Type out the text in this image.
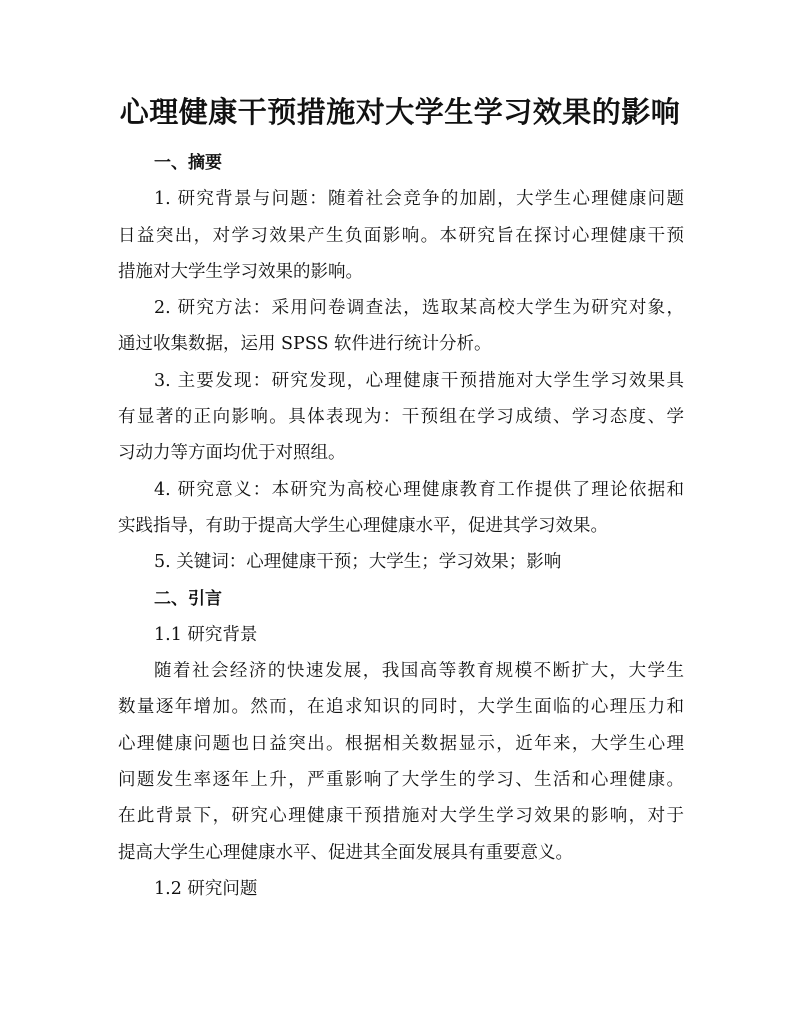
心理健康干预措施对大学生学习效果的影响
一、摘要
1. 研究背景与问题：随着社会竞争的加剧，大学生心理健康问题
日益突出，对学习效果产生负面影响。本研究旨在探讨心理健康干预
措施对大学生学习效果的影响。
2. 研究方法：采用问卷调查法，选取某高校大学生为研究对象，
通过收集数据，运用 SPSS 软件进行统计分析。
3. 主要发现：研究发现，心理健康干预措施对大学生学习效果具
有显著的正向影响。具体表现为：干预组在学习成绩、学习态度、学
习动力等方面均优于对照组。
4. 研究意义：本研究为高校心理健康教育工作提供了理论依据和
实践指导，有助于提高大学生心理健康水平，促进其学习效果。
5. 关键词：心理健康干预；大学生；学习效果；影响
二、引言
1.1 研究背景
随着社会经济的快速发展，我国高等教育规模不断扩大，大学生
数量逐年增加。然而，在追求知识的同时，大学生面临的心理压力和
心理健康问题也日益突出。根据相关数据显示，近年来，大学生心理
问题发生率逐年上升，严重影响了大学生的学习、生活和心理健康。
在此背景下，研究心理健康干预措施对大学生学习效果的影响，对于
提高大学生心理健康水平、促进其全面发展具有重要意义。
1.2 研究问题
